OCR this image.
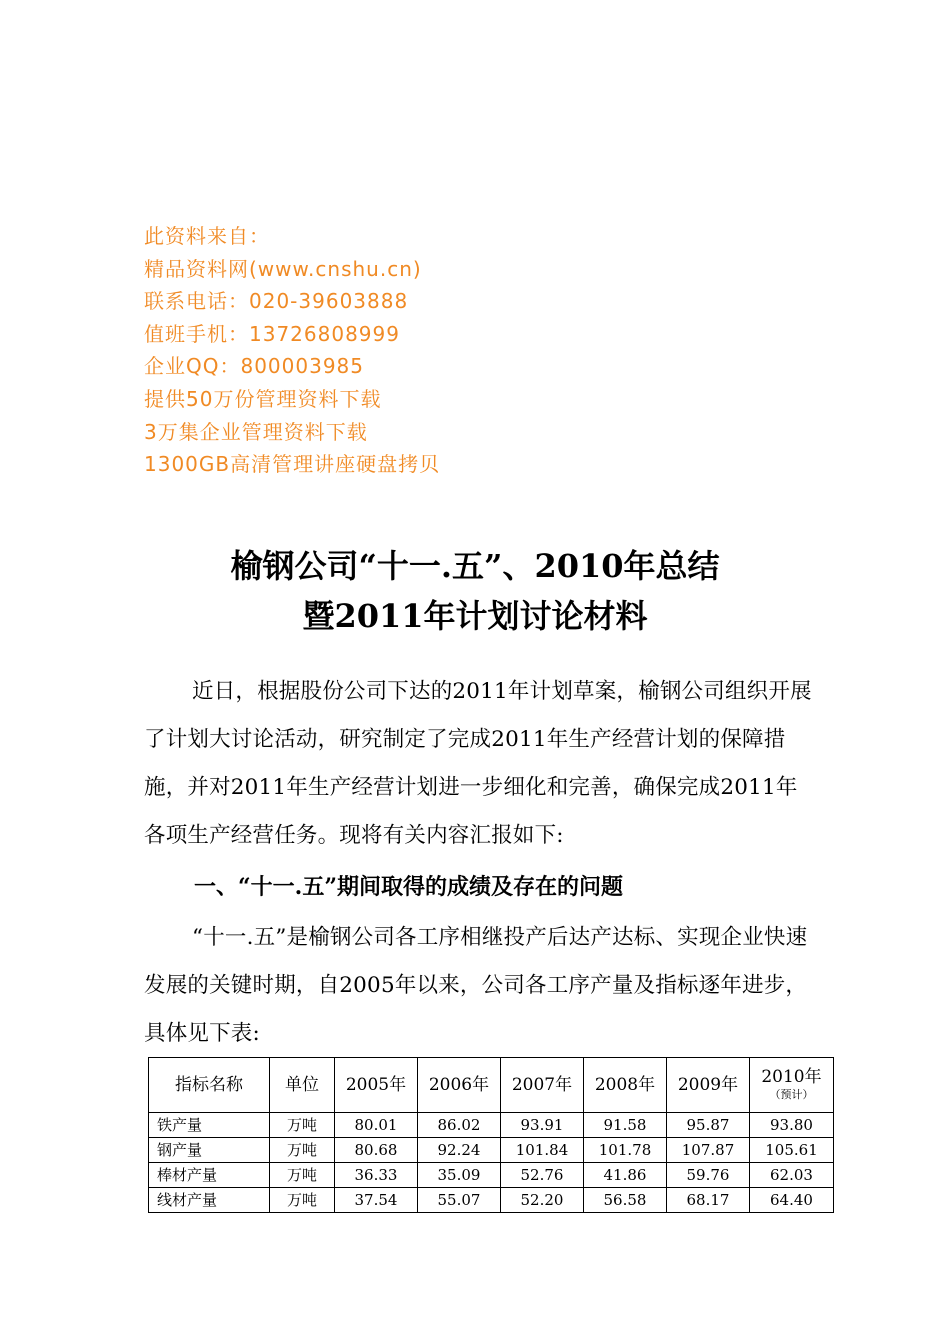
此资料来自：
精品资料网(www.cnshu.cn)
联系电话：020-39603888
值班手机：13726808999
企业QQ：800003985
提供50万份管理资料下载
3万集企业管理资料下载
1300GB高清管理讲座硬盘拷贝
榆钢公司“十一.五”、2010年总结
暨2011年计划讨论材料
近日，根据股份公司下达的2011年计划草案，榆钢公司组织开展了计划大讨论活动，研究制定了完成2011年生产经营计划的保障措施，并对2011年生产经营计划进一步细化和完善，确保完成2011年各项生产经营任务。现将有关内容汇报如下:
一、“十一.五”期间取得的成绩及存在的问题
“十一.五”是榆钢公司各工序相继投产后达产达标、实现企业快速发展的关键时期，自2005年以来，公司各工序产量及指标逐年进步，具体见下表:
指标名称	单位	2005年	2006年	2007年	2008年	2009年	2010年
（预计）

铁产量	万吨	80.01	86.02	93.91	91.58	95.87	93.80
钢产量	万吨	80.68	92.24	101.84	101.78	107.87	105.61
棒材产量	万吨	36.33	35.09	52.76	41.86	59.76	62.03
线材产量	万吨	37.54	55.07	52.20	56.58	68.17	64.40
